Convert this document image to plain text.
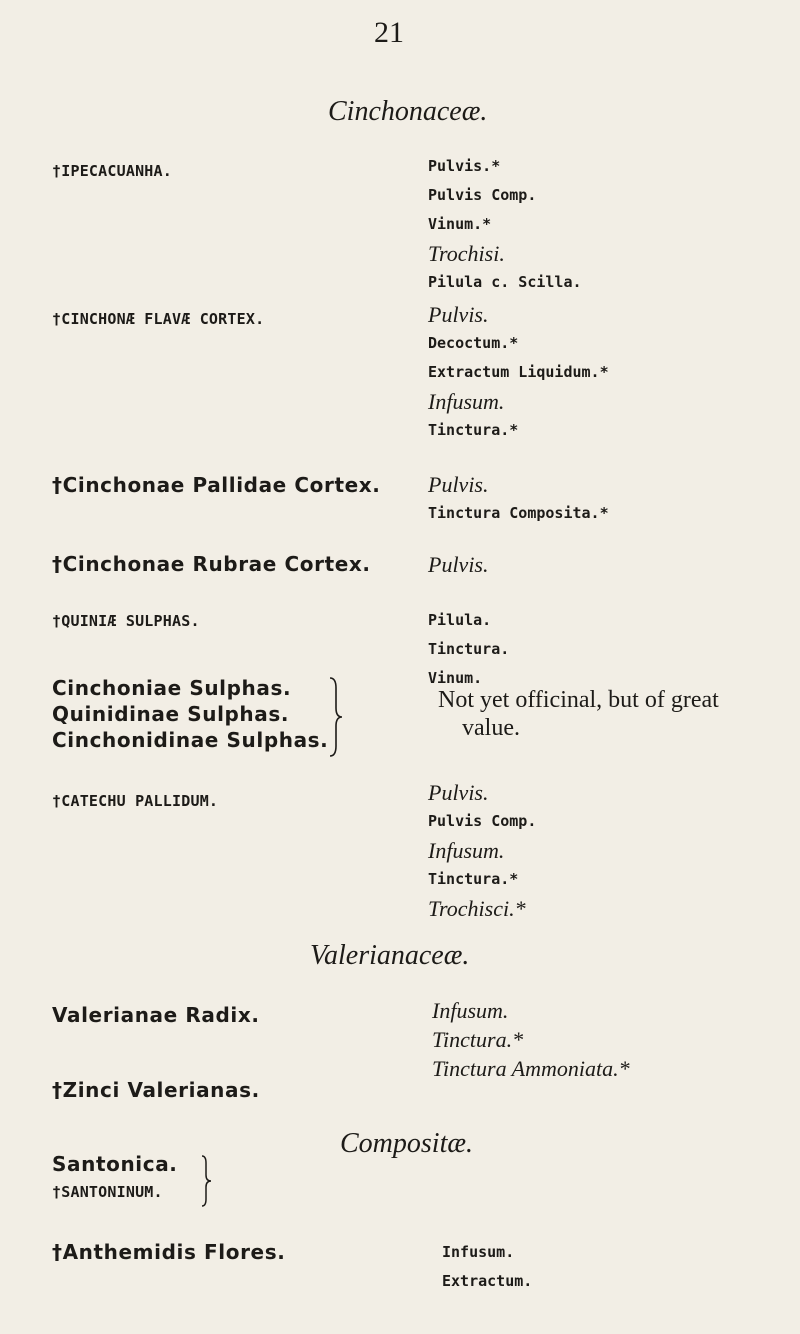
21
Cinchonaceæ.
†IPECACUANHA.	Pulvis.*
Pulvis Comp.
Vinum.*
Trochisi.
Pilula c. Scilla.
†CINCHONÆ FLAVÆ CORTEX.	Pulvis.
Decoctum.*
Extractum Liquidum.*
Infusum.
Tinctura.*
†Cinchonae Pallidae Cortex. Pulvis.
Tinctura Composita.*
†Cinchonae Rubrae Cortex.	Pulvis.
†QUINIÆ SULPHAS.	Pilula.
Tinctura.
Vinum.
Cinchoniae Sulphas.
Quinidinae Sulphas.
Cinchonidinae Sulphas.
Not yet officinal, but of great
value.
†CATECHU PALLIDUM.	Pulvis.
Pulvis Comp.
Infusum.
Tinctura.*
Trochisci.*
Valerianaceæ.
Valerianae Radix.	Infusum.
Tinctura.*
Tinctura Ammoniata.*
†Zinci Valerianas.
Compositæ.
Santonica.
†SANTONINUM.
†Anthemidis Flores.	Infusum.
Extractum.
